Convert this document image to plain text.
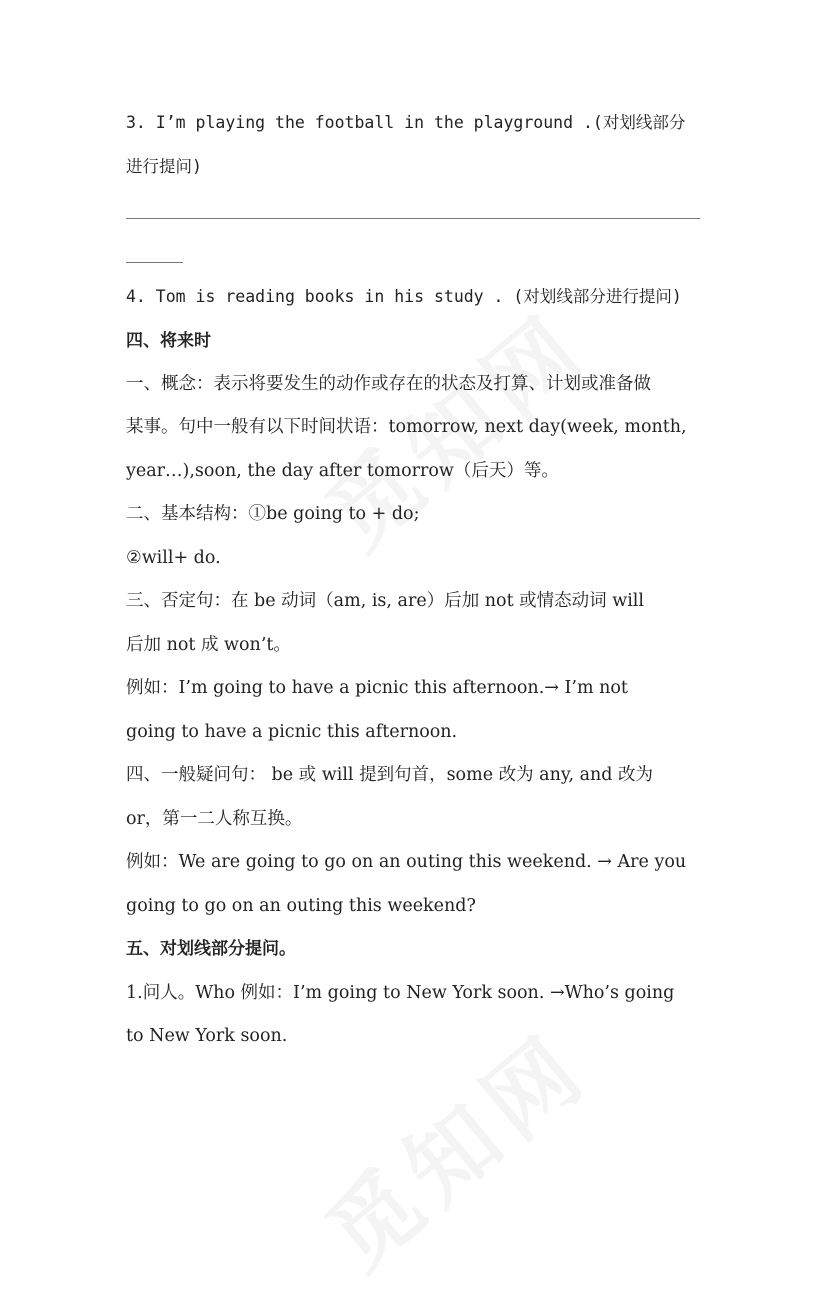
3. I’m playing the football in the playground .(对划线部分
进行提问)
4. Tom is reading books in his study . (对划线部分进行提问)
四、将来时
一、概念：表示将要发生的动作或存在的状态及打算、计划或准备做
某事。句中一般有以下时间状语：tomorrow, next day(week, month,
year…),soon, the day after tomorrow（后天）等。
二、基本结构：①be going to + do;
②will+ do.
三、否定句：在 be 动词（am, is, are）后加 not 或情态动词 will
后加 not 成 won’t。
例如：I’m going to have a picnic this afternoon.→ I’m not
going to have a picnic this afternoon.
四、一般疑问句： be 或 will 提到句首，some 改为 any, and 改为
or，第一二人称互换。
例如：We are going to go on an outing this weekend. → Are you
going to go on an outing this weekend?
五、对划线部分提问。
1.问人。Who 例如：I’m going to New York soon. →Who’s going
to New York soon.
